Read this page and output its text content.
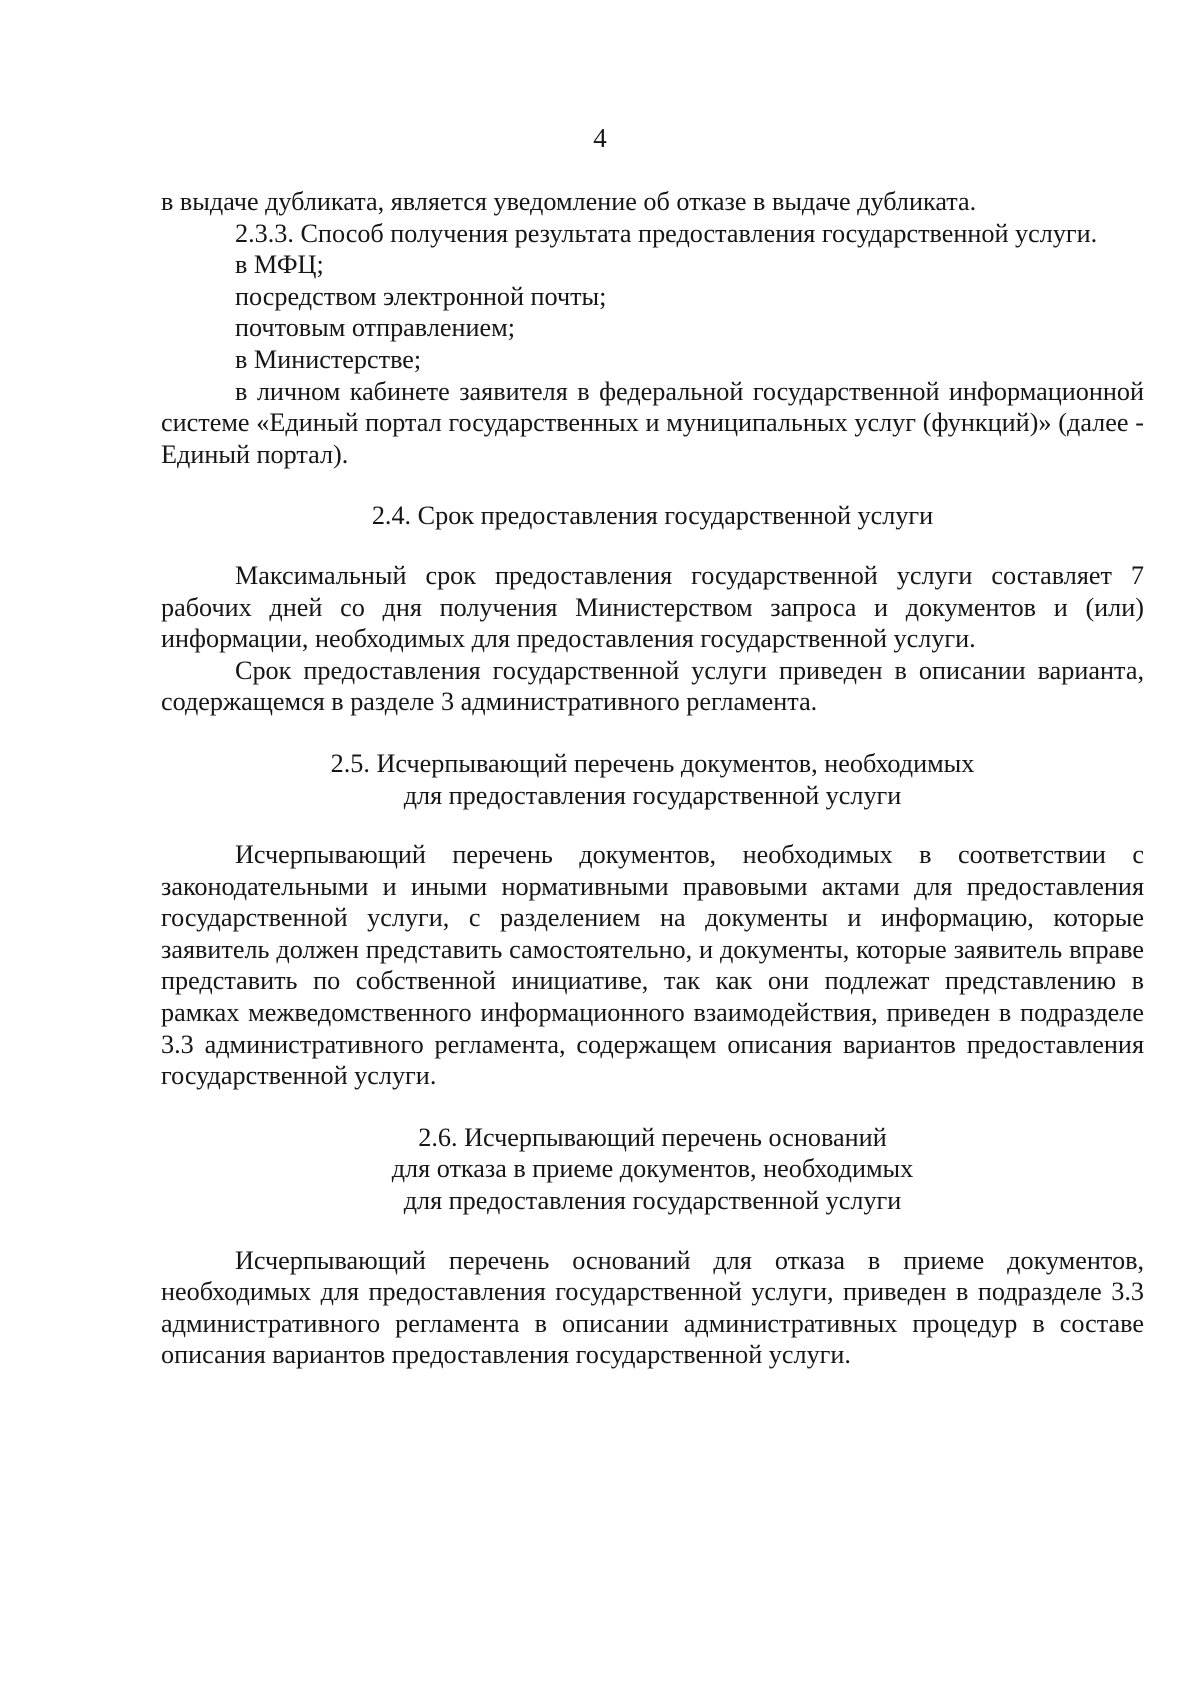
4

в выдаче дубликата, является уведомление об отказе в выдаче дубликата.

2.3.3. Способ получения результата предоставления государственной услуги.

в МФЦ;
посредством электронной почты;
почтовым отправлением;
в Министерстве;

в личном кабинете заявителя в федеральной государственной информационной системе «Единый портал государственных и муниципальных услуг (функций)» (далее - Единый портал).

2.4. Срок предоставления государственной услуги

Максимальный срок предоставления государственной услуги составляет 7 рабочих дней со дня получения Министерством запроса и документов и (или) информации, необходимых для предоставления государственной услуги.

Срок предоставления государственной услуги приведен в описании варианта, содержащемся в разделе 3 административного регламента.

2.5. Исчерпывающий перечень документов, необходимых
для предоставления государственной услуги

Исчерпывающий перечень документов, необходимых в соответствии с законодательными и иными нормативными правовыми актами для предоставления государственной услуги, с разделением на документы и информацию, которые заявитель должен представить самостоятельно, и документы, которые заявитель вправе представить по собственной инициативе, так как они подлежат представлению в рамках межведомственного информационного взаимодействия, приведен в подразделе 3.3 административного регламента, содержащем описания вариантов предоставления государственной услуги.

2.6. Исчерпывающий перечень оснований
для отказа в приеме документов, необходимых
для предоставления государственной услуги

Исчерпывающий перечень оснований для отказа в приеме документов, необходимых для предоставления государственной услуги, приведен в подразделе 3.3 административного регламента в описании административных процедур в составе описания вариантов предоставления государственной услуги.
